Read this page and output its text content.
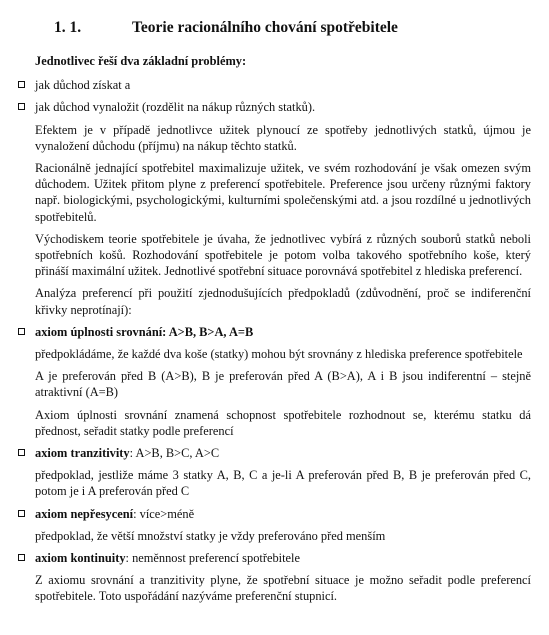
1. 1.	Teorie racionálního chování spotřebitele
Jednotlivec řeší dva základní problémy:
jak důchod získat a
jak důchod vynaložit (rozdělit na nákup různých statků).

Efektem je v případě jednotlivce užitek plynoucí ze spotřeby jednotlivých statků, újmou je vynaložení důchodu (příjmu) na nákup těchto statků.

Racionálně jednající spotřebitel maximalizuje užitek, ve svém rozhodování je však omezen svým důchodem. Užitek přitom plyne z preferencí spotřebitele. Preference jsou určeny různými faktory např. biologickými, psychologickými, kulturními společenskými atd. a jsou rozdílné u jednotlivých spotřebitelů.

Východiskem teorie spotřebitele je úvaha, že jednotlivec vybírá z různých souborů statků neboli spotřebních košů. Rozhodování spotřebitele je potom volba takového spotřebního koše, který přináší maximální užitek. Jednotlivé spotřební situace porovnává spotřebitel z hlediska preferencí.

Analýza preferencí při použití zjednodušujících předpokladů (zdůvodnění, proč se indiferenční křivky neprotínají):

axiom úplnosti srovnání: A>B, B>A, A=B

předpokládáme, že každé dva koše (statky) mohou být srovnány z hlediska preference spotřebitele

A je preferován před B (A>B), B je preferován před A (B>A), A i B jsou indiferentní – stejně atraktivní (A=B)

Axiom úplnosti srovnání znamená schopnost spotřebitele rozhodnout se, kterému statku dá přednost, seřadit statky podle preferencí

axiom tranzitivity: A>B, B>C, A>C

předpoklad, jestliže máme 3 statky A, B, C a je-li A preferován před B, B je preferován před C, potom je i A preferován před C

axiom nepřesycení: více>méně

předpoklad, že větší množství statky je vždy preferováno před menším

axiom kontinuity: neměnnost preferencí spotřebitele

Z axiomu srovnání a tranzitivity plyne, že spotřební situace je možno seřadit podle preferencí spotřebitele. Toto uspořádání nazýváme preferenční stupnicí.
